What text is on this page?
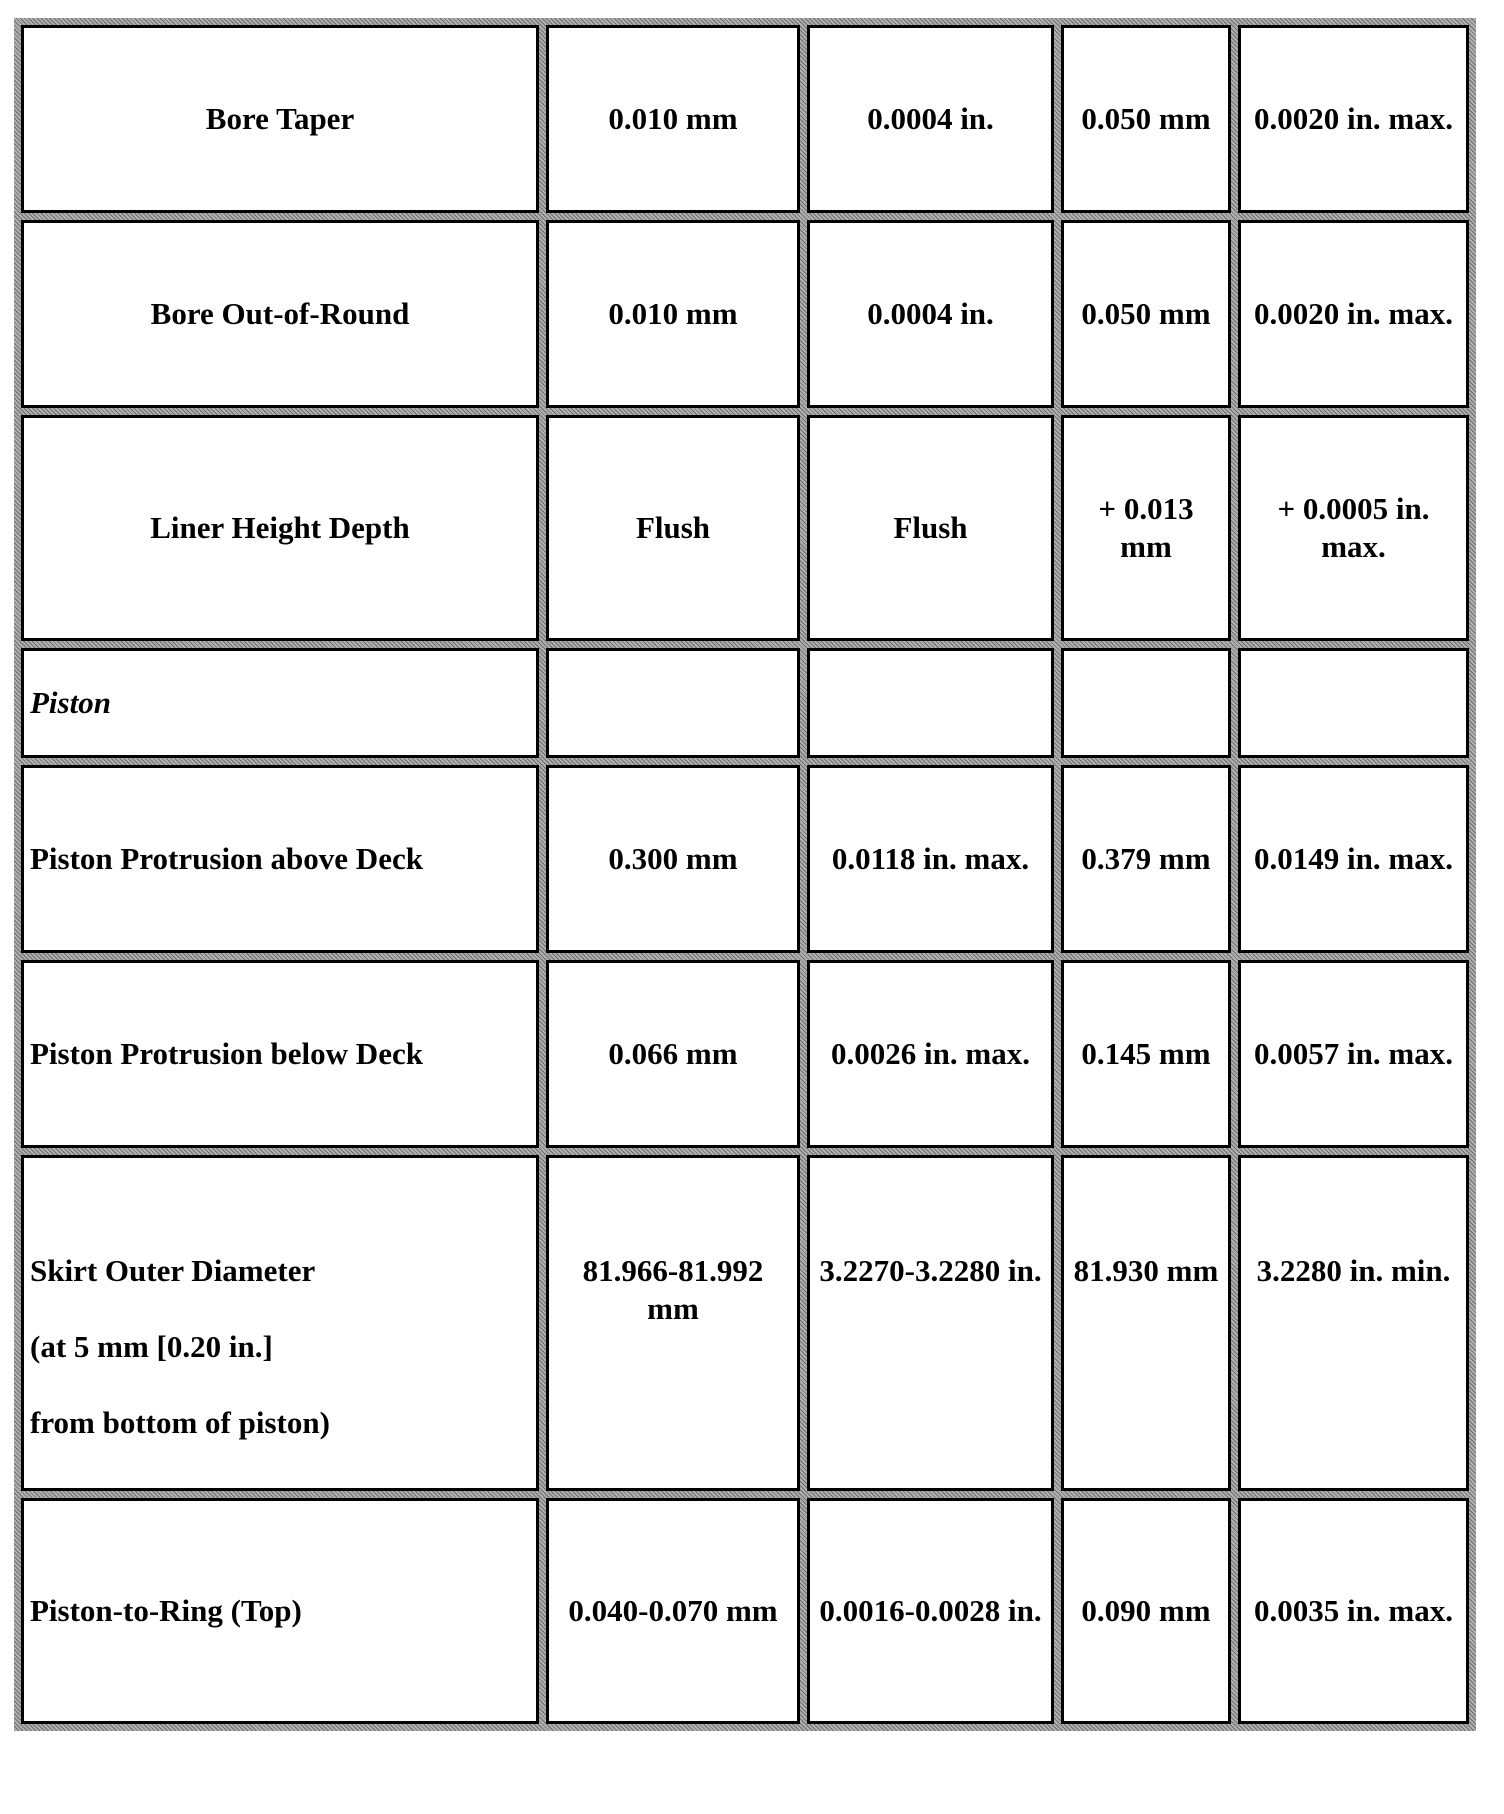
Bore Taper	0.010 mm	0.0004 in.	0.050 mm	0.0020 in. max.
Bore Out-of-Round	0.010 mm	0.0004 in.	0.050 mm	0.0020 in. max.
Liner Height Depth	Flush	Flush	+ 0.013 mm	+ 0.0005 in. max.
Piston				
Piston Protrusion above Deck	0.300 mm	0.0118 in. max.	0.379 mm	0.0149 in. max.
Piston Protrusion below Deck	0.066 mm	0.0026 in. max.	0.145 mm	0.0057 in. max.

Skirt Outer Diameter
(at 5 mm [0.20 in.]
from bottom of piston)	81.966-81.992 mm	3.2270-3.2280 in.	81.930 mm	3.2280 in. min.
Piston-to-Ring (Top)	0.040-0.070 mm	0.0016-0.0028 in.	0.090 mm	0.0035 in. max.
